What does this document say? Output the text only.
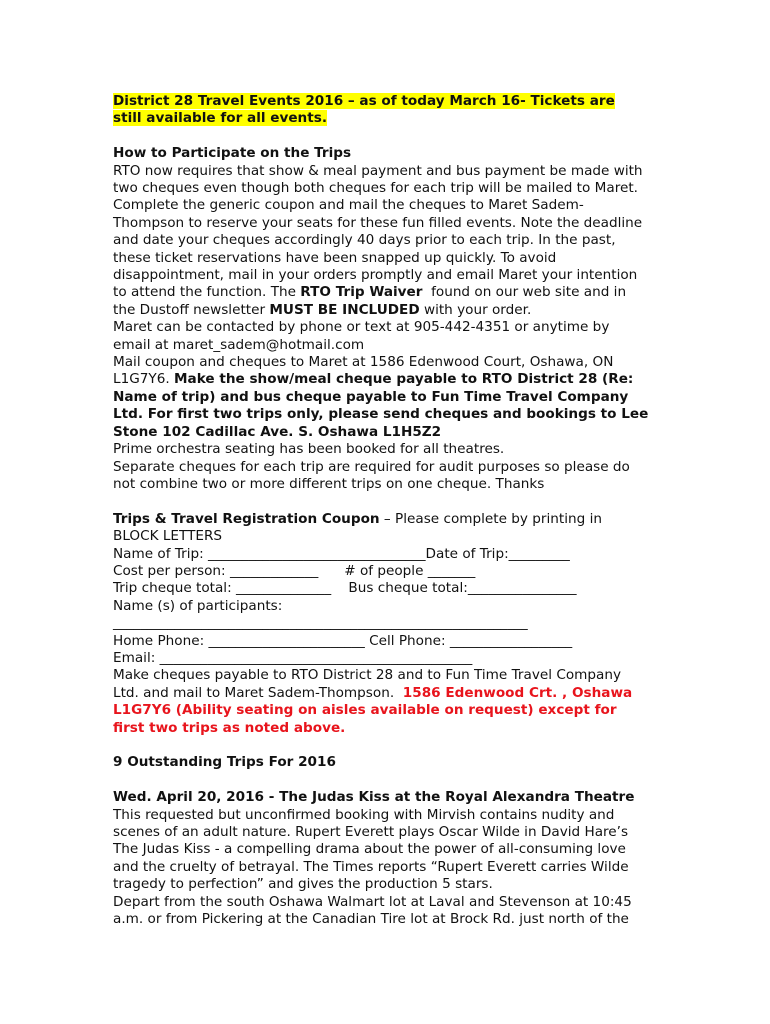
District 28 Travel Events 2016 – as of today March 16- Tickets are
still available for all events.

How to Participate on the Trips

RTO now requires that show & meal payment and bus payment be made with

two cheques even though both cheques for each trip will be mailed to Maret.

Complete the generic coupon and mail the cheques to Maret Sadem-

Thompson to reserve your seats for these fun filled events. Note the deadline

and date your cheques accordingly 40 days prior to each trip. In the past,

these ticket reservations have been snapped up quickly. To avoid

disappointment, mail in your orders promptly and email Maret your intention

to attend the function. The RTO Trip Waiver  found on our web site and in

the Dustoff newsletter MUST BE INCLUDED with your order.

Maret can be contacted by phone or text at 905-442-4351 or anytime by

email at maret_sadem@hotmail.com

Mail coupon and cheques to Maret at 1586 Edenwood Court, Oshawa, ON

L1G7Y6. Make the show/meal cheque payable to RTO District 28 (Re:

Name of trip) and bus cheque payable to Fun Time Travel Company

Ltd. For first two trips only, please send cheques and bookings to Lee

Stone 102 Cadillac Ave. S. Oshawa L1H5Z2

Prime orchestra seating has been booked for all theatres.

Separate cheques for each trip are required for audit purposes so please do

not combine two or more different trips on one cheque. Thanks

Trips & Travel Registration Coupon – Please complete by printing in

BLOCK LETTERS

Name of Trip: ________________________________Date of Trip:_________

Cost per person: _____________      # of people _______

Trip cheque total: ______________    Bus cheque total:________________

Name (s) of participants:

_____________________________________________________________

Home Phone: _______________________ Cell Phone: __________________

Email: ______________________________________________

Make cheques payable to RTO District 28 and to Fun Time Travel Company

Ltd. and mail to Maret Sadem-Thompson.  1586 Edenwood Crt. , Oshawa

L1G7Y6 (Ability seating on aisles available on request) except for

first two trips as noted above.

9 Outstanding Trips For 2016

Wed. April 20, 2016 - The Judas Kiss at the Royal Alexandra Theatre

This requested but unconfirmed booking with Mirvish contains nudity and

scenes of an adult nature. Rupert Everett plays Oscar Wilde in David Hare’s

The Judas Kiss - a compelling drama about the power of all-consuming love

and the cruelty of betrayal. The Times reports “Rupert Everett carries Wilde

tragedy to perfection” and gives the production 5 stars.

Depart from the south Oshawa Walmart lot at Laval and Stevenson at 10:45

a.m. or from Pickering at the Canadian Tire lot at Brock Rd. just north of the
